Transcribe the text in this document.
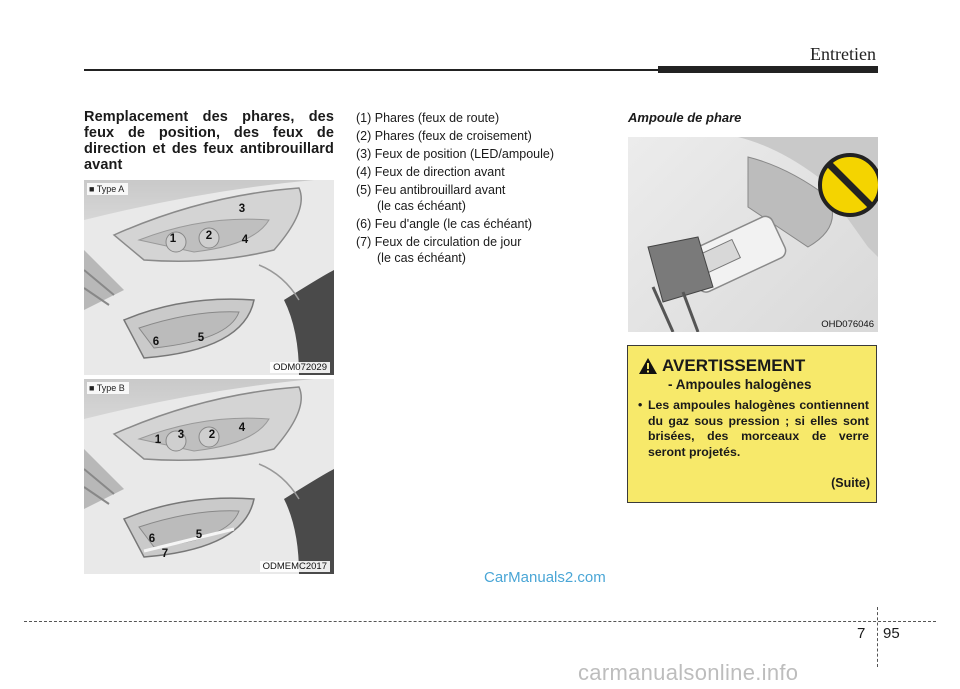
Entretien
Remplacement des phares, des feux de position, des feux de direction et des feux antibrouillard avant
■ Type A
1	2
3
4
5
6
ODM072029
■ Type B
1	2
3
4
5
6
7
ODMEMC2017
(1) Phares (feux de route)
(2) Phares (feux de croisement)
(3) Feux de position (LED/ampoule)
(4) Feux de direction avant
(5) Feu antibrouillard avant
(le cas échéant)
(6) Feu d'angle (le cas échéant)
(7) Feux de circulation de jour
(le cas échéant)
Ampoule de phare
OHD076046
AVERTISSEMENT
- Ampoules halogènes
• Les ampoules halogènes contiennent du gaz sous pression ; si elles sont brisées, des morceaux de verre seront projetés.
(Suite)
CarManuals2.com
7 95
carmanualsonline.info
